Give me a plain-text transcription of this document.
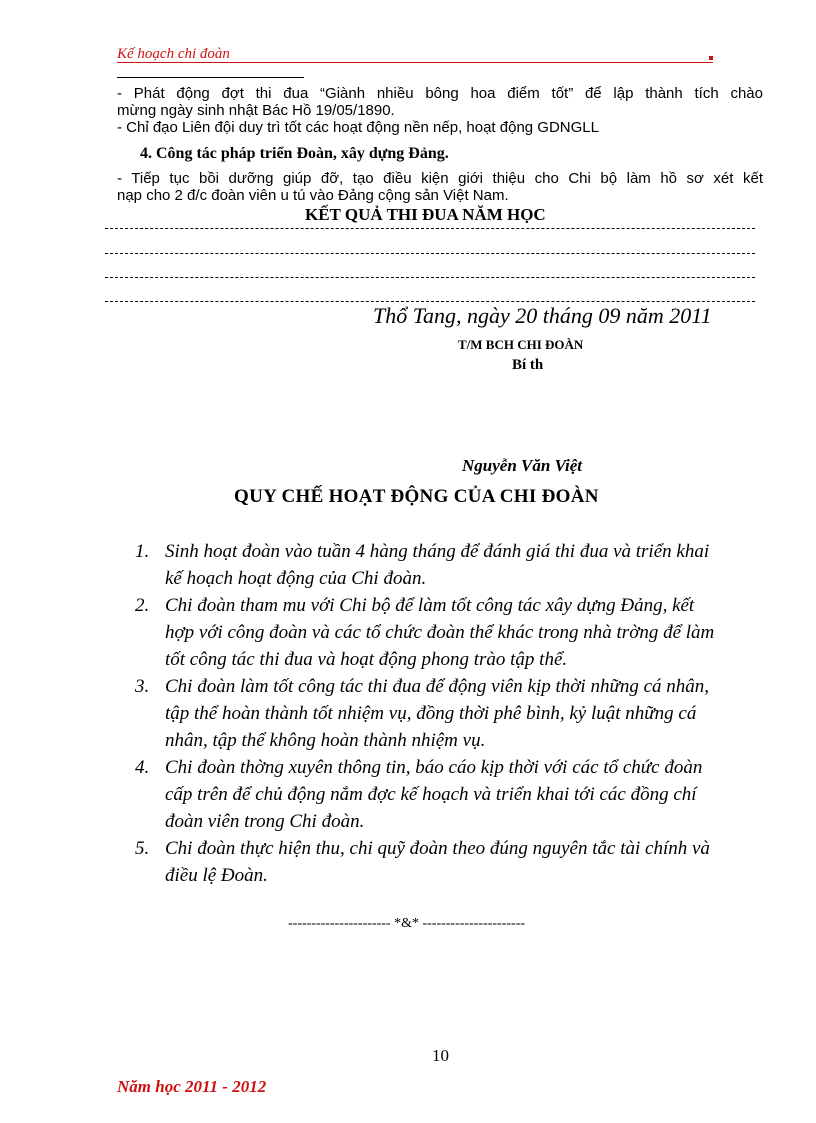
Kế hoạch chi đoàn
- Phát động đợt thi đua “Giành nhiều bông hoa điểm tốt” để lập thành tích chào
mừng ngày sinh nhật Bác Hồ 19/05/1890.
- Chỉ đạo Liên đội duy trì tốt các hoạt động nền nếp, hoạt động GDNGLL
4. Công tác pháp triển Đoàn, xây dựng Đảng.
- Tiếp tục bồi dưỡng giúp đỡ, tạo điều kiện giới thiệu cho Chi bộ làm hồ sơ xét kết
nạp cho 2 đ/c đoàn viên u tú vào Đảng cộng sản Việt Nam.
KẾT QUẢ THI ĐUA NĂM HỌC
Thổ Tang, ngày 20 tháng 09 năm 2011
T/M BCH CHI ĐOÀN
Bí th
Nguyễn Văn Việt
QUY CHẾ HOẠT ĐỘNG CỦA CHI ĐOÀN
1. Sinh hoạt đoàn vào tuần 4 hàng tháng để đánh giá thi đua và triển khai
kế hoạch hoạt động của Chi đoàn.
2. Chi đoàn tham mu với Chi bộ để làm tốt công tác xây dựng Đảng, kết
hợp với công đoàn và các tổ chức đoàn thể khác trong nhà trờng để làm
tốt công tác thi đua và hoạt động phong trào tập thể.
3. Chi đoàn làm tốt công tác thi đua để động viên kịp thời những cá nhân,
tập thể hoàn thành tốt nhiệm vụ, đồng thời phê bình, kỷ luật những cá
nhân, tập thể không hoàn thành nhiệm vụ.
4. Chi đoàn thờng xuyên thông tin, báo cáo kịp thời với các tổ chức đoàn
cấp trên để chủ động nắm đợc kế hoạch và triển khai tới các đồng chí
đoàn viên trong Chi đoàn.
5. Chi đoàn thực hiện thu, chi quỹ đoàn theo đúng nguyên tắc tài chính và
điều lệ Đoàn.
---------------------- *&* ----------------------
10
Năm học 2011 - 2012
